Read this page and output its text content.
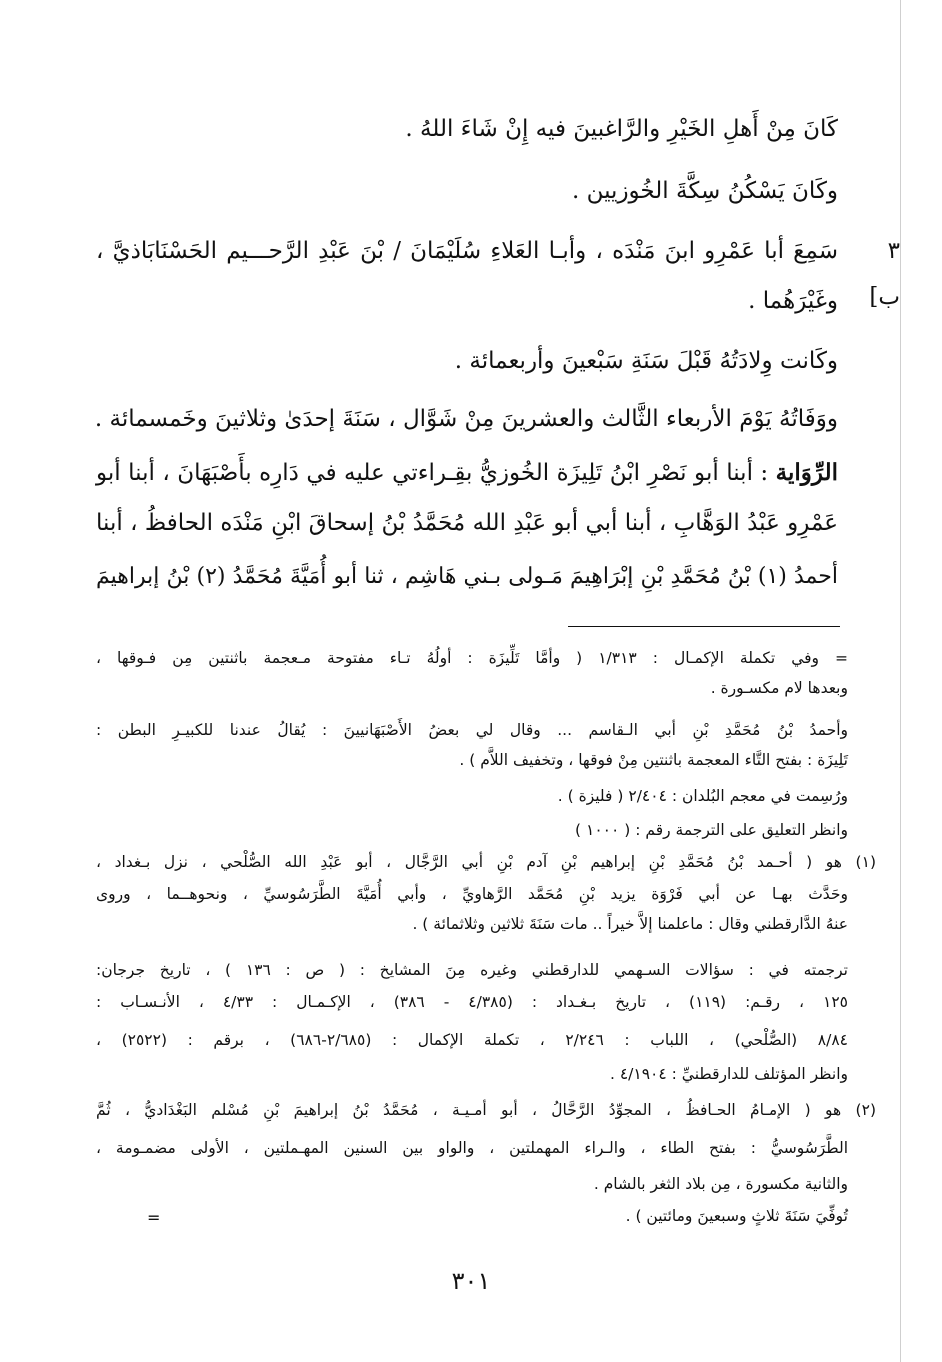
٣ ب]
كَانَ مِنْ أَهلِ الخَيْرِ والرَّاغبينَ فيه إِنْ شَاءَ اللهُ .
وكَانَ يَسْكُنُ سِكَّةَ الخُوزيين .
سَمِعَ أبا عَمْرِو ابنَ مَنْدَه ، وأبـا العَلاءِ سُلَيْمَانَ / بْنَ عَبْدِ الرَّحـــيم الحَسْنَابَاذيَّ ،
وغَيْرَهُما .
وكَانت وِلادَتُهُ قَبْلَ سَنَةِ سَبْعينَ وأربعمائة .
ووَفَاتُهُ يَوْمَ الأربعاء الثَّالث والعشرينَ مِنْ شَوَّال ، سَنَةَ إحدَىٰ وثلاثينَ وخَمسمائة .
الرِّوَاية : أبنا أبو نَصْرِ ابْنُ تَلِيزَة الخُوزيُّ بقِـراءتي عليه في دَارِه بأَصْبَهَانَ ، أبنا أبو
عَمْرِو عَبْدُ الوَهَّابِ ، أبنا أبي أبو عَبْدِ الله مُحَمَّدُ بْنُ إسحاقَ ابْنِ مَنْدَه الحافظُ ، أبنا
أحمدُ (١) بْنُ مُحَمَّدِ بْنِ إبْرَاهِيمَ مَـولى بـني هَاشِم ، ثنا أبو أُمَيَّةَ مُحَمَّدُ (٢) بْنُ إبراهيمَ
= وفي تكملة الإكمـال : ١/٣١٣ ( وأمَّا تَلِّيزَة : أولُهُ تـاء مفتوحة مـعجمة باثنتين مِن فـوقها ،
وبعدها لام مكسـورة .
وأحمدُ بْنُ مُحَمَّدِ بْنِ أبي الـقاسم ... وقال لي بعضُ الأَصْبَهَانيينَ : يُقالُ عندنا للكبيـرِ البطن :
تَلِيزَة : بفتح التَّاء المعجمة باثنتين مِنْ فوقها ، وتخفيف اللاَّم ) .
ورُسِمت في معجم البُلدان : ٢/٤٠٤ ( فليزة ) .
وانظر التعليق على الترجمة رقم : ( ١٠٠٠ )
(١) هو ( أحـمد بْنُ مُحَمَّدِ بْنِ إبراهيم بْنِ آدم بْنِ أبي الرَّجَّال ، أبو عَبْدِ الله الصُّلْحي ، نزل بـغداد ،
وحَدَّث بهـا عن أبي فَرْوَة يزيد بْنِ مُحَمَّد الرَّهاويِّ ، وأبي أُمَيَّةَ الطَّرَسُوسيِّ ، ونحوهــما ، وروى
عنهُ الدَّارقطني وقال : ماعلمنا إلاَّ خيراً .. مات سَنَةَ ثلاثين وثلاثمائة ) .
ترجمته في : سؤالات السـهمي للدارقطني وغيره مِنَ المشايخ : ( ص : ١٣٦ ) ، تاريخ جرجان:
١٢٥ ، رقـم: (١١٩) ، تاريخ بـغـداد : (٤/٣٨٥ - ٣٨٦) ، الإكـمـال : ٤/٣٣ ، الأنـسـاب :
٨/٨٤ (الصُّلْحي) ، اللباب : ٢/٢٤٦ ، تكملة الإكمال : (٢/٦٨٥-٦٨٦) ، برقم : (٢٥٢٢) ،
وانظر المؤتلف للدارقطنيِّ : ٤/١٩٠٤ .
(٢) هو ( الإمـامُ الحـافظُ ، المجوِّدُ الرَّحَّالُ ، أبو أمـيـة ، مُحَمَّدُ بْنُ إبراهيمَ بْنِ مُسْلم البَغْدَاديُّ ، ثُمَّ
الطَّرَسُوسيُّ : بفتح الطاء ، والـراء المهملتين ، والواو بين السنين المهـملتين ، الأولى مضمـومة ،
والثانية مكسورة ، مِن بلاد الثغر بالشام .
تُوفِّيَ سَنَةَ ثلاثٍ وسبعينَ ومائتين ) .
=
٣٠١
